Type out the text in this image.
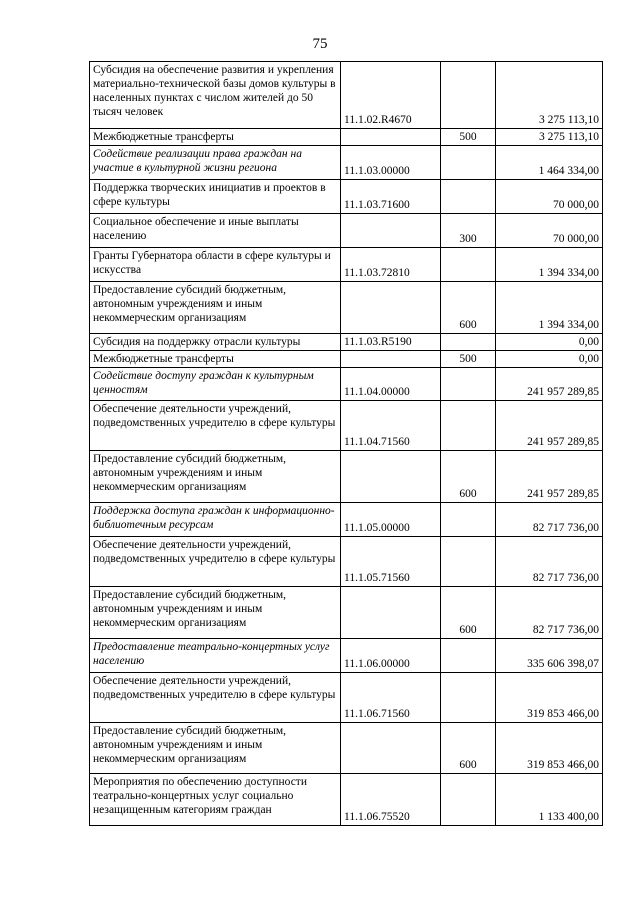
75
Субсидия на обеспечение развития и укрепления материально-технической базы домов культуры в населенных пунктах с числом жителей до 50 тысяч человек	11.1.02.R4670		3 275 113,10
Межбюджетные трансферты		500	3 275 113,10
Содействие реализации права граждан на участие в культурной жизни региона	11.1.03.00000		1 464 334,00
Поддержка творческих инициатив и проектов в сфере культуры	11.1.03.71600		70 000,00
Социальное обеспечение и иные выплаты населению		300	70 000,00
Гранты Губернатора области в сфере культуры и искусства	11.1.03.72810		1 394 334,00
Предоставление субсидий бюджетным, автономным учреждениям и иным некоммерческим организациям		600	1 394 334,00
Субсидия на поддержку отрасли культуры	11.1.03.R5190		0,00
Межбюджетные трансферты		500	0,00
Содействие доступу граждан к культурным ценностям	11.1.04.00000		241 957 289,85
Обеспечение деятельности учреждений, подведомственных учредителю в сфере культуры	11.1.04.71560		241 957 289,85
Предоставление субсидий бюджетным, автономным учреждениям и иным некоммерческим организациям		600	241 957 289,85
Поддержка доступа граждан к информационно-библиотечным ресурсам	11.1.05.00000		82 717 736,00
Обеспечение деятельности учреждений, подведомственных учредителю в сфере культуры	11.1.05.71560		82 717 736,00
Предоставление субсидий бюджетным, автономным учреждениям и иным некоммерческим организациям		600	82 717 736,00
Предоставление театрально-концертных услуг населению	11.1.06.00000		335 606 398,07
Обеспечение деятельности учреждений, подведомственных учредителю в сфере культуры	11.1.06.71560		319 853 466,00
Предоставление субсидий бюджетным, автономным учреждениям и иным некоммерческим организациям		600	319 853 466,00
Мероприятия по обеспечению доступности театрально-концертных услуг социально незащищенным категориям граждан	11.1.06.75520		1 133 400,00
